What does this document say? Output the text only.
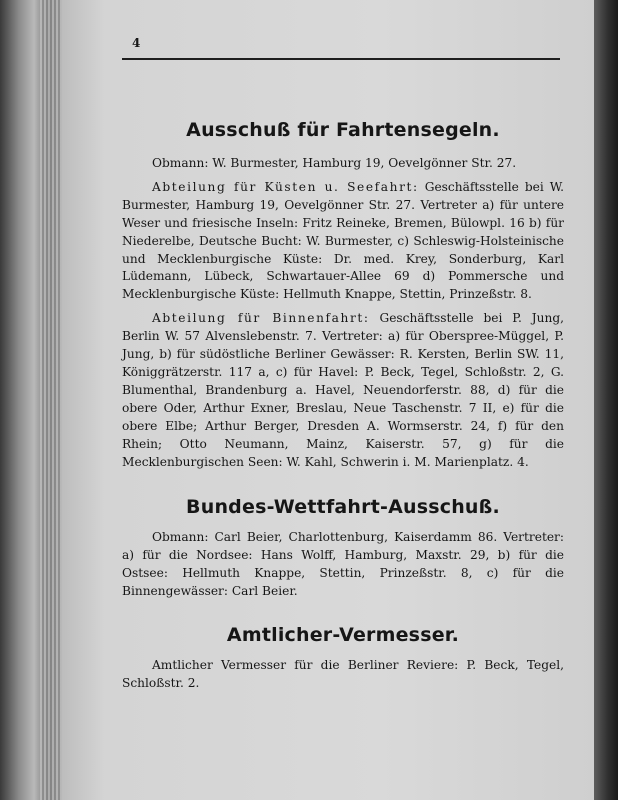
4
Ausschuß für Fahrtensegeln.

Obmann: W. Burmester, Hamburg 19, Oevelgönner Str. 27.

Abteilung für Küsten u. Seefahrt: Geschäftsstelle bei W. Burmester, Hamburg 19, Oevelgönner Str. 27. Vertreter a) für untere Weser und friesische Inseln: Fritz Reineke, Bremen, Bülowpl. 16 b) für Niederelbe, Deutsche Bucht: W. Burmester, c) Schleswig-Holsteinische und Mecklenburgische Küste: Dr. med. Krey, Sonderburg, Karl Lüdemann, Lübeck, Schwartauer-Allee 69 d) Pommersche und Mecklenburgische Küste: Hellmuth Knappe, Stettin, Prinzeßstr. 8.

Abteilung für Binnenfahrt: Geschäftsstelle bei P. Jung, Berlin W. 57 Alvenslebenstr. 7. Vertreter: a) für Oberspree-Müggel, P. Jung, b) für südöstliche Berliner Gewässer: R. Kersten, Berlin SW. 11, Königgrätzerstr. 117 a, c) für Havel: P. Beck, Tegel, Schloßstr. 2, G. Blumenthal, Brandenburg a. Havel, Neuendorferstr. 88, d) für die obere Oder, Arthur Exner, Breslau, Neue Taschenstr. 7 II, e) für die obere Elbe; Arthur Berger, Dresden A. Wormserstr. 24, f) für den Rhein; Otto Neumann, Mainz, Kaiserstr. 57, g) für die Mecklenburgischen Seen: W. Kahl, Schwerin i. M. Marienplatz. 4.

Bundes-Wettfahrt-Ausschuß.

Obmann: Carl Beier, Charlottenburg, Kaiserdamm 86. Vertreter: a) für die Nordsee: Hans Wolff, Hamburg, Maxstr. 29, b) für die Ostsee: Hellmuth Knappe, Stettin, Prinzeßstr. 8, c) für die Binnengewässer: Carl Beier.

Amtlicher-Vermesser.

Amtlicher Vermesser für die Berliner Reviere: P. Beck, Tegel, Schloßstr. 2.
